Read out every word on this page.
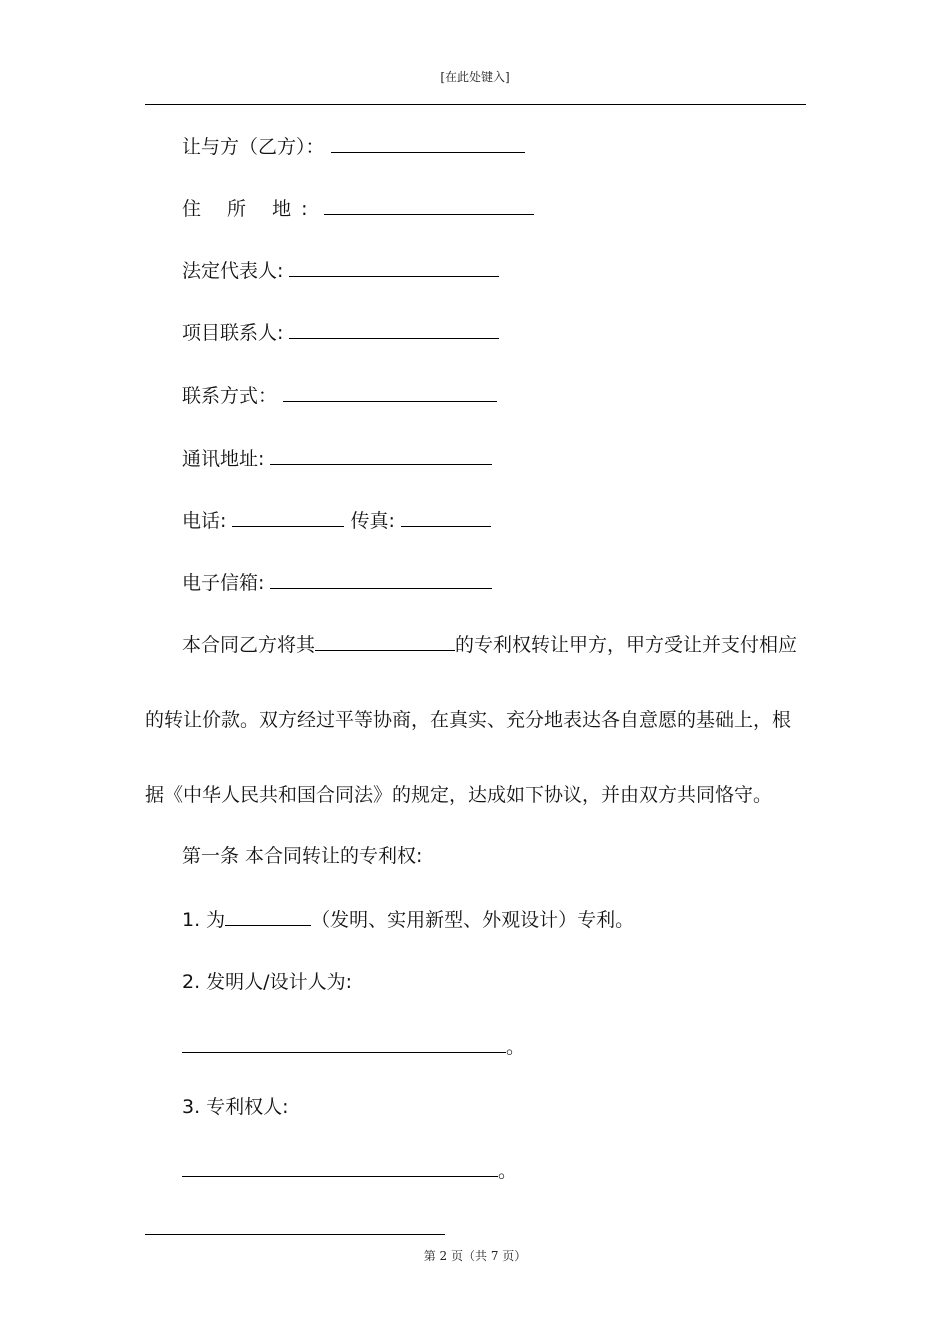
[在此处键入]
让与方（乙方）：
住 所 地:
法定代表人:
项目联系人:
联系方式：
通讯地址:
电话:	传真:
电子信箱:
本合同乙方将其	的专利权转让甲方，甲方受让并支付相应
的转让价款。双方经过平等协商，在真实、充分地表达各自意愿的基础上，根
据《中华人民共和国合同法》的规定，达成如下协议，并由双方共同恪守。
第一条 本合同转让的专利权:
1. 为	（发明、实用新型、外观设计）专利。
2. 发明人/设计人为:
。
3. 专利权人:
。
第 2 页（共 7 页）
